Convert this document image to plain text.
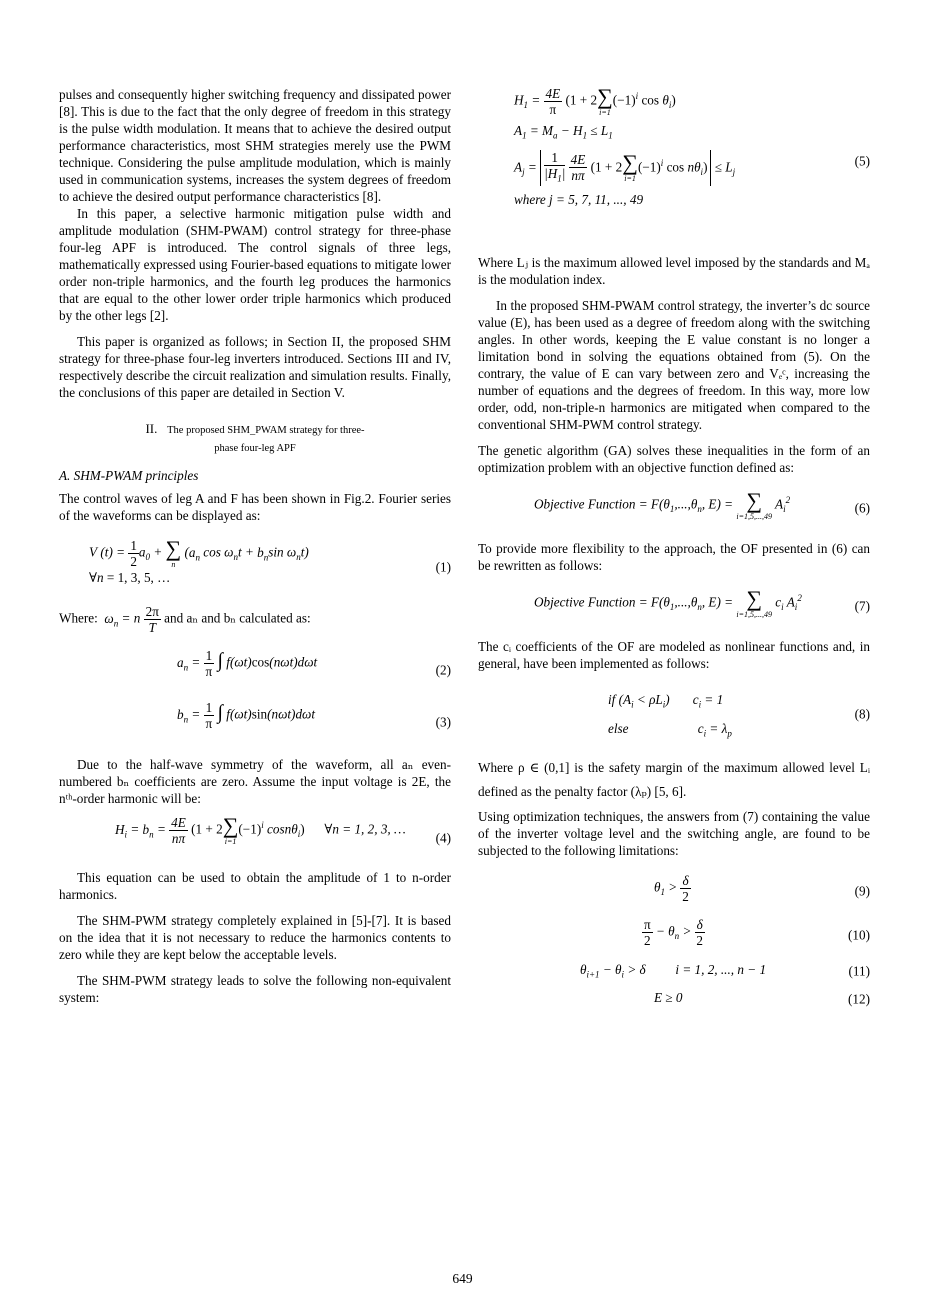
pulses and consequently higher switching frequency and dissipated power [8]. This is due to the fact that the only degree of freedom in this strategy is the pulse width modulation. It means that to achieve the desired output performance characteristics, most SHM strategies merely use the PWM technique. Considering the pulse amplitude modulation, which is mainly used in communication systems, increases the system degrees of freedom to achieve the desired output performance characteristics [8].

In this paper, a selective harmonic mitigation pulse width and amplitude modulation (SHM-PWAM) control strategy for three-phase four-leg APF is introduced. The control signals of three legs, mathematically expressed using Fourier-based equations to mitigate lower order non-triple harmonics, and the fourth leg produces the harmonics that are equal to the other lower order triple harmonics which produced by the other legs [2].

This paper is organized as follows; in Section II, the proposed SHM strategy for three-phase four-leg inverters introduced. Sections III and IV, respectively describe the circuit realization and simulation results. Finally, the conclusions of this paper are detailed in Section V.

II. The proposed SHM_PWAM strategy for three-
phase four-leg APF
A. SHM-PWAM principles

The control waves of leg A and F has been shown in Fig.2. Fourier series of the waveforms can be displayed as:

V $(t) = \frac{1}{2} a_0$ + ∑
n
($a_n$ $\cos \omega_nt + b_n\sin$ $\omega_nt$)
∀n = 1, 3, 5, …
(1)
Where: $\omega_n = n \frac{2\pi}{T}$ and aₙ and bₙ calculated as:
$a_n = \frac{1}{\pi}$ ∫ f(ωt)cos(nωt)dωt
(2)
$b_n = \frac{1}{\pi}$ ∫ f(ωt)sin(nωt)dωt
(3)

Due to the half-wave symmetry of the waveform, all aₙ even-numbered bₙ coefficients are zero. Assume the input voltage is 2E, the nᵗʰ-order harmonic will be:

$H_i = b_n = \frac{4E}{n\pi} (1 + 2$ ∑
i=1
$(-1)^i$ cosnθ$_i$) ∀n = 1, 2, 3, …
(4)

This equation can be used to obtain the amplitude of 1 to n-order harmonics.

The SHM-PWM strategy completely explained in [5]-[7]. It is based on the idea that it is not necessary to reduce the harmonics contents to zero while they are kept below the acceptable levels.

The SHM-PWM strategy leads to solve the following non-equivalent system:

$H_1 = \frac{4E}{\pi} (1 + 2$ ∑
i=1
$(-1)^i$ $\cos \theta_i$)
$A_1 = M_a - H_1 \le L_1$
$A_j = \frac{1}{|H_1|}$
$\frac{4E}{n\pi} (1 + 2$ ∑
i=1
$(-1)^i$ $\cos n\theta_i) \le L_j$
where j = 5, 7, 11, ..., 49
(5)

Where Lⱼ is the maximum allowed level imposed by the standards and Mₐ is the modulation index.

In the proposed SHM-PWAM control strategy, the inverter’s dc source value (E), has been used as a degree of freedom along with the switching angles. In other words, keeping the E value constant is no longer a limitation bond in solving the equations obtained from (5). On the contrary, the value of E can vary between zero and Vₑᶜ, increasing the number of equations and the degrees of freedom. In this way, more low order, odd, non-triple-n harmonics are mitigated when compared to the conventional SHM-PWM control strategy.

The genetic algorithm (GA) solves these inequalities in the form of an optimization problem with an objective function defined as:

Objective Function = $F(\theta_1,...,\theta_n$, E) = ∑
i=1,5,...,49
$A_i^2$
(6)

To provide more flexibility to the approach, the OF presented in (6) can be rewritten as follows:

Objective Function = $F(\theta_1,...,\theta_n$, E) = ∑
i=1,5,...,49
$c_i$ $A_i^2$
(7)

The cᵢ coefficients of the OF are modeled as nonlinear functions and, in general, have been implemented as follows:

if $(A_i < \rho L_i)$       $c_i = 1$
else                     $c_i = \lambda_p$
(8)

Where ρ ∈ (0,1] is the safety margin of the maximum allowed level Lᵢ defined as the penalty factor (λₚ) [5, 6].

Using optimization techniques, the answers from (7) containing the value of the inverter voltage level and the switching angle, are found to be subjected to the following limitations:

$\theta_1 > \frac{\delta}{2}$	(9)
$\frac{\pi}{2} - \theta_n > \frac{\delta}{2}$	(10)
$\theta_{i+1} - \theta_i > \delta$         i = 1, 2, ..., n − 1	(11)
E ≥ 0	(12)
649
